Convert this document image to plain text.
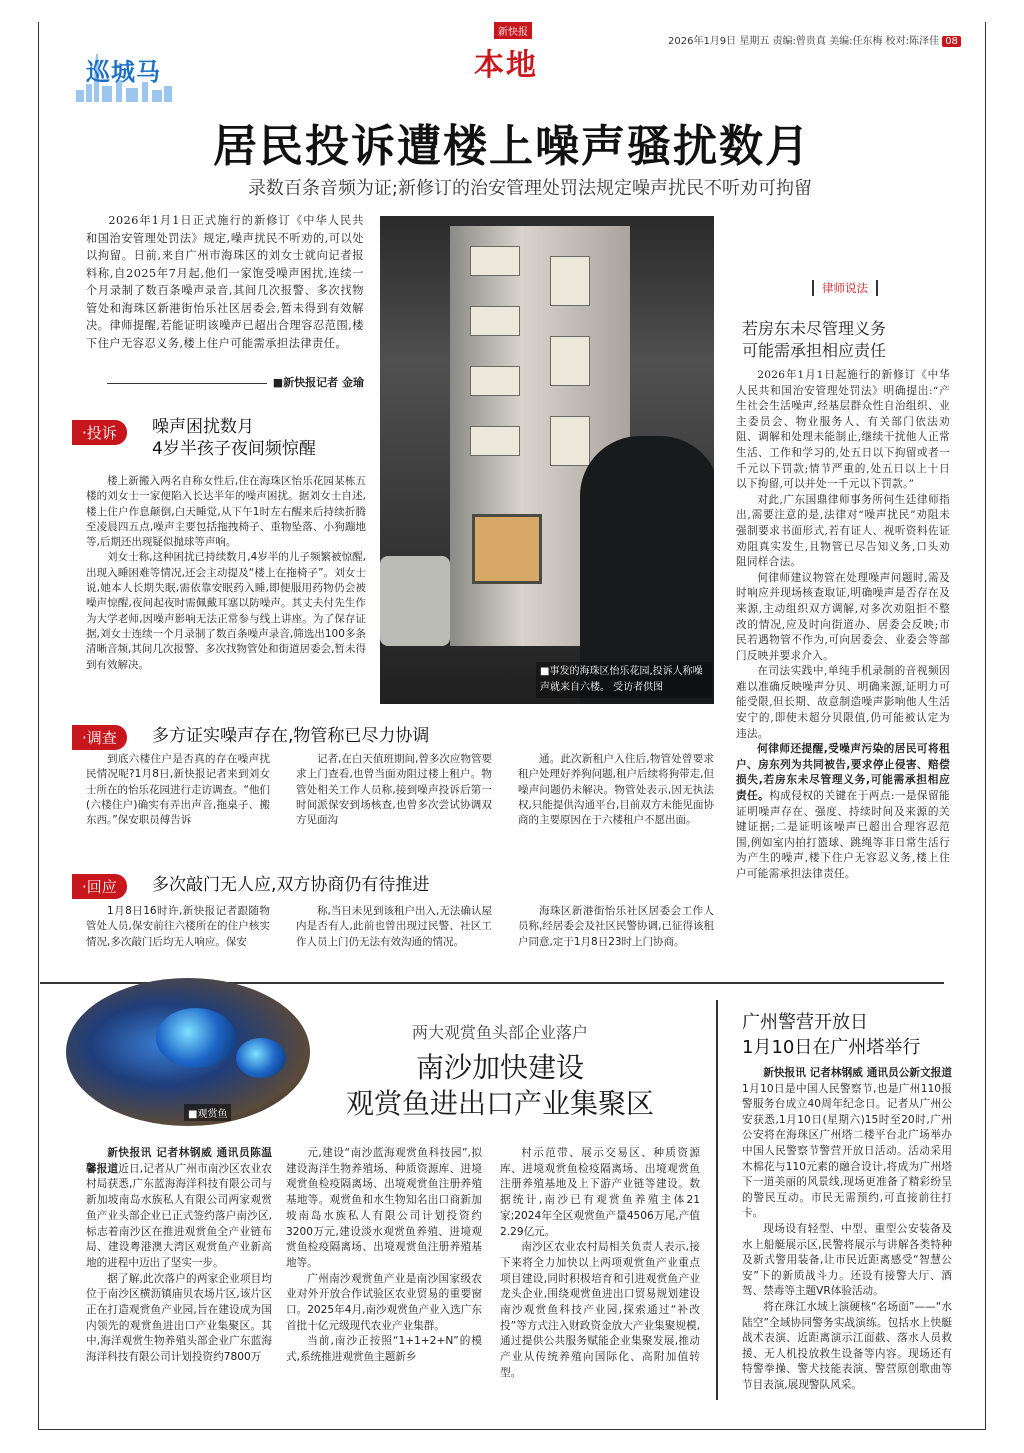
巡城马
新快报
本地
2026年1月9日 星期五 责编:曾贵真 美编:任东梅 校对:陈泽佳 08
居民投诉遭楼上噪声骚扰数月
录数百条音频为证;新修订的治安管理处罚法规定噪声扰民不听劝可拘留
2026年1月1日正式施行的新修订《中华人民共和国治安管理处罚法》规定,噪声扰民不听劝的,可以处以拘留。日前,来自广州市海珠区的刘女士就向记者报料称,自2025年7月起,他们一家饱受噪声困扰,连续一个月录制了数百条噪声录音,其间几次报警、多次找物管处和海珠区新港街怡乐社区居委会,暂未得到有效解决。律师提醒,若能证明该噪声已超出合理容忍范围,楼下住户无容忍义务,楼上住户可能需承担法律责任。
■新快报记者 金瑜
■事发的海珠区怡乐花园,投诉人称噪声就来自六楼。 受访者供图
·投诉	噪声困扰数月
4岁半孩子夜间频惊醒

楼上新搬入两名自称女性后,住在海珠区怡乐花园某栋五楼的刘女士一家便陷入长达半年的噪声困扰。据刘女士自述,楼上住户作息颠倒,白天睡觉,从下午1时左右醒来后持续折腾至凌晨四五点,噪声主要包括拖拽椅子、重物坠落、小狗蹦地等,后期还出现疑似抛球等声响。

刘女士称,这种困扰已持续数月,4岁半的儿子频繁被惊醒,出现入睡困难等情况,还会主动提及“楼上在拖椅子”。刘女士说,她本人长期失眠,需依靠安眠药入睡,即便服用药物仍会被噪声惊醒,夜间起夜时需佩戴耳塞以防噪声。其丈夫付先生作为大学老师,因噪声影响无法正常参与线上讲座。为了保存证据,刘女士连续一个月录制了数百条噪声录音,筛选出100多条清晰音频,其间几次报警、多次找物管处和街道居委会,暂未得到有效解决。

律师说法
若房东未尽管理义务
可能需承担相应责任

2026年1月1日起施行的新修订《中华人民共和国治安管理处罚法》明确提出:“产生社会生活噪声,经基层群众性自治组织、业主委员会、物业服务人、有关部门依法劝阻、调解和处理未能制止,继续干扰他人正常生活、工作和学习的,处五日以下拘留或者一千元以下罚款;情节严重的,处五日以上十日以下拘留,可以并处一千元以下罚款。”

对此,广东国鼎律师事务所何生廷律师指出,需要注意的是,法律对“噪声扰民”劝阻未强制要求书面形式,若有证人、视听资料佐证劝阻真实发生,且物管已尽告知义务,口头劝阻同样合法。

何律师建议物管在处理噪声问题时,需及时响应并现场核查取证,明确噪声是否存在及来源,主动组织双方调解,对多次劝阻拒不整改的情况,应及时向街道办、居委会反映;市民若遇物管不作为,可向居委会、业委会等部门反映并要求介入。

在司法实践中,单纯手机录制的音视频因难以准确反映噪声分贝、明确来源,证明力可能受限,但长期、故意制造噪声影响他人生活安宁的,即使未超分贝限值,仍可能被认定为违法。

何律师还提醒,受噪声污染的居民可将租户、房东列为共同被告,要求停止侵害、赔偿损失,若房东未尽管理义务,可能需承担相应责任。构成侵权的关键在于两点:一是保留能证明噪声存在、强度、持续时间及来源的关键证据;二是证明该噪声已超出合理容忍范围,例如室内拍打篮球、跳绳等非日常生活行为产生的噪声,楼下住户无容忍义务,楼上住户可能需承担法律责任。

·调查	多方证实噪声存在,物管称已尽力协调

到底六楼住户是否真的存在噪声扰民情况呢?1月8日,新快报记者来到刘女士所在的怡乐花园进行走访调查。“他们(六楼住户)确实有弄出声音,拖桌子、搬东西。”保安职员傅告诉

记者,在白天值班期间,曾多次应物管要求上门查看,也曾当面劝阻过楼上租户。物管处相关工作人员称,接到噪声投诉后第一时间派保安到场核查,也曾多次尝试协调双方见面沟

通。此次新租户入住后,物管处曾要求租户处理好养狗问题,租户后续将狗带走,但噪声问题仍未解决。物管处表示,因无执法权,只能提供沟通平台,目前双方未能见面协商的主要原因在于六楼租户不愿出面。

·回应	多次敲门无人应,双方协商仍有待推进

1月8日16时许,新快报记者跟随物管处人员,保安前往六楼所在的住户核实情况,多次敲门后均无人响应。保安

称,当日未见到该租户出入,无法确认屋内是否有人,此前也曾出现过民警、社区工作人员上门仍无法有效沟通的情况。

海珠区新港街怡乐社区居委会工作人员称,经居委会及社区民警协调,已征得该租户同意,定于1月8日23时上门协商。

■观赏鱼
两大观赏鱼头部企业落户
南沙加快建设
观赏鱼进出口产业集聚区

新快报讯 记者林钢威 通讯员陈温馨报道近日,记者从广州市南沙区农业农村局获悉,广东蓝海海洋科技有限公司与新加坡南岛水族私人有限公司两家观赏鱼产业头部企业已正式签约落户南沙区,标志着南沙区在推进观赏鱼全产业链布局、建设粤港澳大湾区观赏鱼产业新高地的进程中迈出了坚实一步。

据了解,此次落户的两家企业项目均位于南沙区横沥镇庙贝农场片区,该片区正在打造观赏鱼产业园,旨在建设成为国内领先的观赏鱼进出口产业集聚区。其中,海洋观赏生物养殖头部企业广东蓝海海洋科技有限公司计划投资约7800万

元,建设“南沙蓝海观赏鱼科技园”,拟建设海洋生物养殖场、种质资源库、进境观赏鱼检疫隔离场、出境观赏鱼注册养殖基地等。观赏鱼和水生物知名出口商新加坡南岛水族私人有限公司计划投资约3200万元,建设淡水观赏鱼养殖、进境观赏鱼检疫隔离场、出境观赏鱼注册养殖基地等。

广州南沙观赏鱼产业是南沙国家级农业对外开放合作试验区农业贸易的重要窗口。2025年4月,南沙观赏鱼产业入选广东首批十亿元级现代农业产业集群。

当前,南沙正按照“1+1+2+N”的模式,系统推进观赏鱼主题新乡

村示范带、展示交易区、种质资源库、进境观赏鱼检疫隔离场、出境观赏鱼注册养殖基地及上下游产业链等建设。数据统计,南沙已有观赏鱼养殖主体21家;2024年全区观赏鱼产量4506万尾,产值2.29亿元。

南沙区农业农村局相关负责人表示,接下来将全力加快以上两项观赏鱼产业重点项目建设,同时积极培育和引进观赏鱼产业龙头企业,围绕观赏鱼进出口贸易规划建设南沙观赏鱼科技产业园,探索通过“补改投”等方式注入财政资金放大产业集聚规模,通过提供公共服务赋能企业集聚发展,推动产业从传统养殖向国际化、高附加值转型。

广州警营开放日
1月10日在广州塔举行

新快报讯 记者林钢威 通讯员公新文报道 1月10日是中国人民警察节,也是广州110报警服务台成立40周年纪念日。记者从广州公安获悉,1月10日(星期六)15时至20时,广州公安将在海珠区广州塔二楼平台北广场举办中国人民警察节警营开放日活动。活动采用木棉花与110元素的融合设计,将成为广州塔下一道美丽的风景线,现场更准备了精彩纷呈的警民互动。市民无需预约,可直接前往打卡。

现场设有轻型、中型、重型公安装备及水上船艇展示区,民警将展示与讲解各类特种及新式警用装备,让市民近距离感受“智慧公安”下的新质战斗力。还设有接警大厅、酒驾、禁毒等主题VR体验活动。

将在珠江水域上演硬核“名场面”——“水陆空”全域协同警务实战演练。包括水上快艇战术表演、近距离演示江面截、落水人员救援、无人机投放救生设备等内容。现场还有特警拳操、警犬技能表演、警营原创歌曲等节目表演,展现警队风采。
